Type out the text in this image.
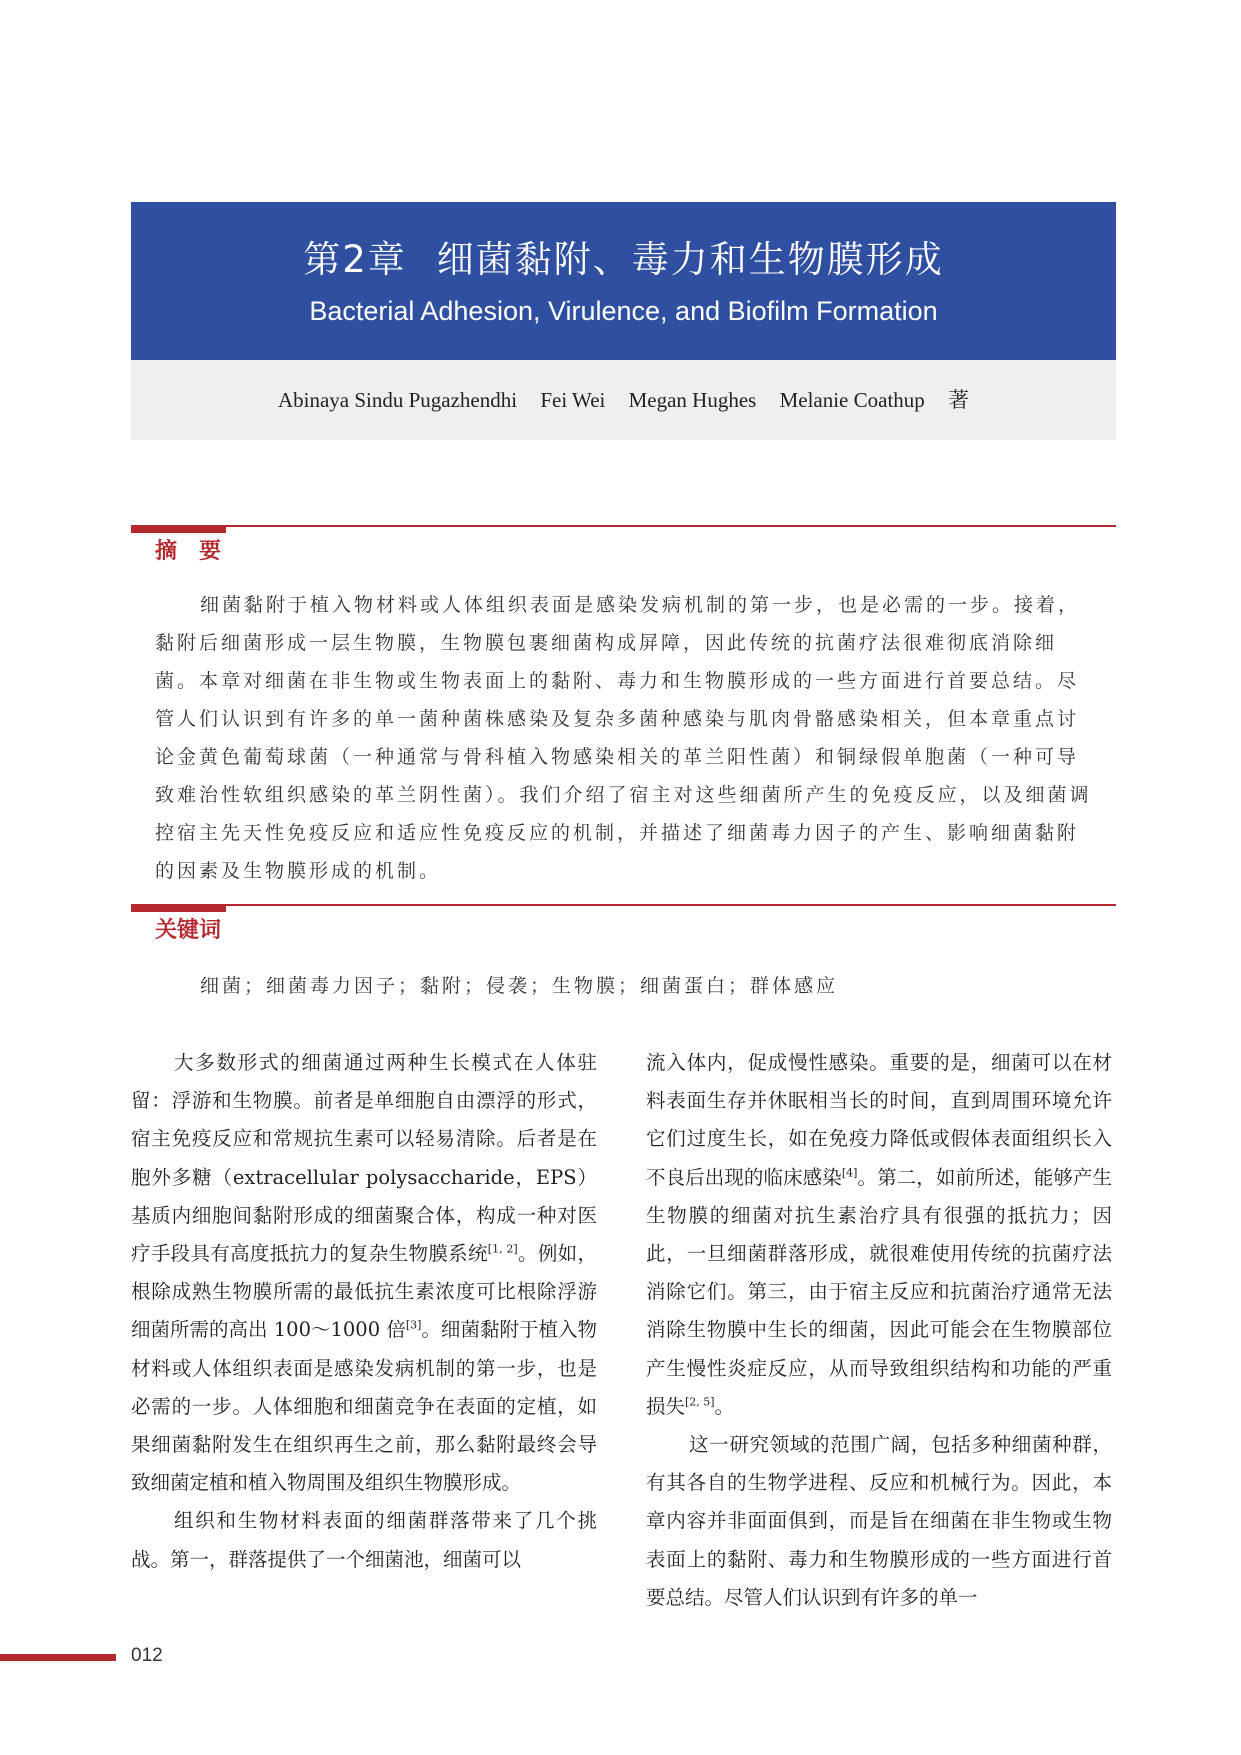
第2章 细菌黏附、毒力和生物膜形成
Bacterial Adhesion, Virulence, and Biofilm Formation
Abinaya Sindu Pugazhendhi Fei Wei Megan Hughes Melanie Coathup 著
摘　要

细菌黏附于植入物材料或人体组织表面是感染发病机制的第一步，也是必需的一步。接着，黏附后细菌形成一层生物膜，生物膜包裹细菌构成屏障，因此传统的抗菌疗法很难彻底消除细菌。本章对细菌在非生物或生物表面上的黏附、毒力和生物膜形成的一些方面进行首要总结。尽管人们认识到有许多的单一菌种菌株感染及复杂多菌种感染与肌肉骨骼感染相关，但本章重点讨论金黄色葡萄球菌（一种通常与骨科植入物感染相关的革兰阳性菌）和铜绿假单胞菌（一种可导致难治性软组织感染的革兰阴性菌）。我们介绍了宿主对这些细菌所产生的免疫反应，以及细菌调控宿主先天性免疫反应和适应性免疫反应的机制，并描述了细菌毒力因子的产生、影响细菌黏附的因素及生物膜形成的机制。

关键词
细菌；细菌毒力因子；黏附；侵袭；生物膜；细菌蛋白；群体感应

大多数形式的细菌通过两种生长模式在人体驻留：浮游和生物膜。前者是单细胞自由漂浮的形式，宿主免疫反应和常规抗生素可以轻易清除。后者是在胞外多糖（extracellular polysaccharide，EPS）基质内细胞间黏附形成的细菌聚合体，构成一种对医疗手段具有高度抵抗力的复杂生物膜系统[1, 2]。例如，根除成熟生物膜所需的最低抗生素浓度可比根除浮游细菌所需的高出 100～1000 倍[3]。细菌黏附于植入物材料或人体组织表面是感染发病机制的第一步，也是必需的一步。人体细胞和细菌竞争在表面的定植，如果细菌黏附发生在组织再生之前，那么黏附最终会导致细菌定植和植入物周围及组织生物膜形成。

组织和生物材料表面的细菌群落带来了几个挑战。第一，群落提供了一个细菌池，细菌可以

流入体内，促成慢性感染。重要的是，细菌可以在材料表面生存并休眠相当长的时间，直到周围环境允许它们过度生长，如在免疫力降低或假体表面组织长入不良后出现的临床感染[4]。第二，如前所述，能够产生生物膜的细菌对抗生素治疗具有很强的抵抗力；因此，一旦细菌群落形成，就很难使用传统的抗菌疗法消除它们。第三，由于宿主反应和抗菌治疗通常无法消除生物膜中生长的细菌，因此可能会在生物膜部位产生慢性炎症反应，从而导致组织结构和功能的严重损失[2, 5]。

这一研究领域的范围广阔，包括多种细菌种群，有其各自的生物学进程、反应和机械行为。因此，本章内容并非面面俱到，而是旨在细菌在非生物或生物表面上的黏附、毒力和生物膜形成的一些方面进行首要总结。尽管人们认识到有许多的单一

012
